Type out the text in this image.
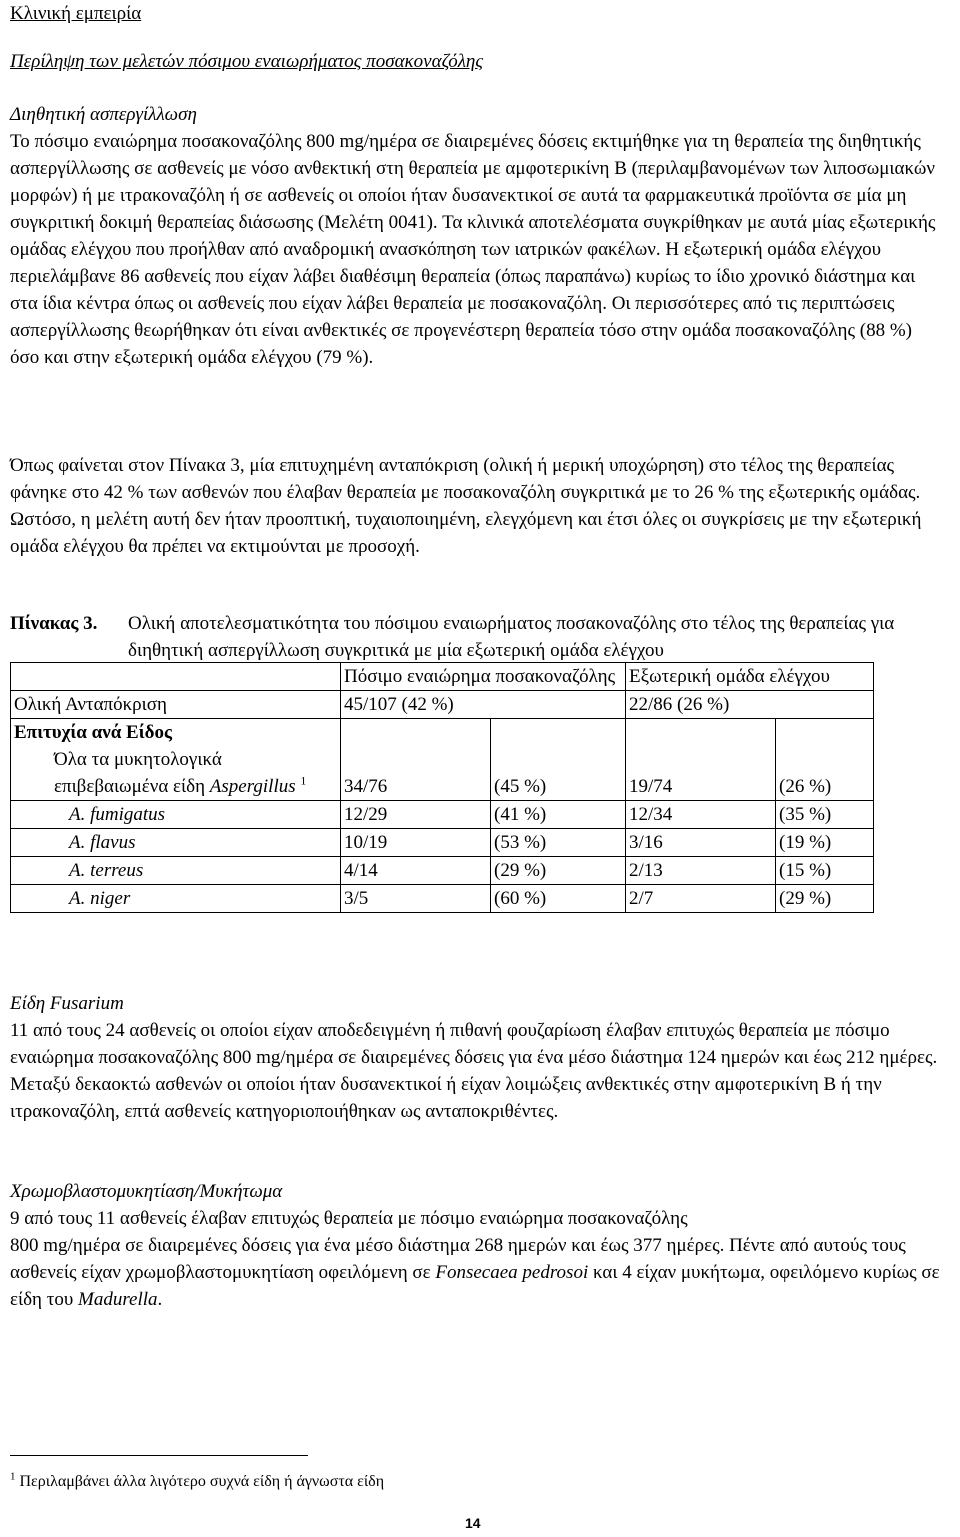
Κλινική εμπειρία
Περίληψη των μελετών πόσιμου εναιωρήματος ποσακοναζόλης
Διηθητική ασπεργίλλωση

Το πόσιμο εναιώρημα ποσακοναζόλης 800 mg/ημέρα σε διαιρεμένες δόσεις εκτιμήθηκε για τη θεραπεία της διηθητικής ασπεργίλλωσης σε ασθενείς με νόσο ανθεκτική στη θεραπεία με αμφοτερικίνη Β (περιλαμβανομένων των λιποσωμιακών μορφών) ή με ιτρακοναζόλη ή σε ασθενείς οι οποίοι ήταν δυσανεκτικοί σε αυτά τα φαρμακευτικά προϊόντα σε μία μη συγκριτική δοκιμή θεραπείας διάσωσης (Μελέτη 0041). Τα κλινικά αποτελέσματα συγκρίθηκαν με αυτά μίας εξωτερικής ομάδας ελέγχου που προήλθαν από αναδρομική ανασκόπηση των ιατρικών φακέλων. Η εξωτερική ομάδα ελέγχου περιελάμβανε 86 ασθενείς που είχαν λάβει διαθέσιμη θεραπεία (όπως παραπάνω) κυρίως το ίδιο χρονικό διάστημα και στα ίδια κέντρα όπως οι ασθενείς που είχαν λάβει θεραπεία με ποσακοναζόλη. Οι περισσότερες από τις περιπτώσεις ασπεργίλλωσης θεωρήθηκαν ότι είναι ανθεκτικές σε προγενέστερη θεραπεία τόσο στην ομάδα ποσακοναζόλης (88 %) όσο και στην εξωτερική ομάδα ελέγχου (79 %).

Όπως φαίνεται στον Πίνακα 3, μία επιτυχημένη ανταπόκριση (ολική ή μερική υποχώρηση) στο τέλος της θεραπείας φάνηκε στο 42 % των ασθενών που έλαβαν θεραπεία με ποσακοναζόλη συγκριτικά με το 26 % της εξωτερικής ομάδας. Ωστόσο, η μελέτη αυτή δεν ήταν προοπτική, τυχαιοποιημένη, ελεγχόμενη και έτσι όλες οι συγκρίσεις με την εξωτερική ομάδα ελέγχου θα πρέπει να εκτιμούνται με προσοχή.

Πίνακας 3. Ολική αποτελεσματικότητα του πόσιμου εναιωρήματος ποσακοναζόλης στο τέλος της θεραπείας για διηθητική ασπεργίλλωση συγκριτικά με μία εξωτερική ομάδα ελέγχου
	Πόσιμο εναιώρημα ποσακοναζόλης		Εξωτερική ομάδα ελέγχου	
Ολική Ανταπόκριση	45/107 (42 %)		22/86 (26 %)	

Επιτυχία ανά Είδος
Όλα τα μυκητολογικά επιβεβαιωμένα είδη Aspergillus $^1$	34/76	(45 %)	19/74	(26 %)
A. fumigatus	12/29	(41 %)	12/34	(35 %)
A. flavus	10/19	(53 %)	3/16	(19 %)
A. terreus	4/14	(29 %)	2/13	(15 %)
A. niger	3/5	(60 %)	2/7	(29 %)
Είδη Fusarium

11 από τους 24 ασθενείς οι οποίοι είχαν αποδεδειγμένη ή πιθανή φουζαρίωση έλαβαν επιτυχώς θεραπεία με πόσιμο εναιώρημα ποσακοναζόλης 800 mg/ημέρα σε διαιρεμένες δόσεις για ένα μέσο διάστημα 124 ημερών και έως 212 ημέρες. Μεταξύ δεκαοκτώ ασθενών οι οποίοι ήταν δυσανεκτικοί ή είχαν λοιμώξεις ανθεκτικές στην αμφοτερικίνη Β ή την ιτρακοναζόλη, επτά ασθενείς κατηγοριοποιήθηκαν ως ανταποκριθέντες.

Χρωμοβλαστομυκητίαση/Μυκήτωμα
9 από τους 11 ασθενείς έλαβαν επιτυχώς θεραπεία με πόσιμο εναιώρημα ποσακοναζόλης

800 mg/ημέρα σε διαιρεμένες δόσεις για ένα μέσο διάστημα 268 ημερών και έως 377 ημέρες. Πέντε από αυτούς τους ασθενείς είχαν χρωμοβλαστομυκητίαση οφειλόμενη σε Fonsecaea pedrosoi και 4 είχαν μυκήτωμα, οφειλόμενο κυρίως σε είδη του Madurella.

$^1$ Περιλαμβάνει άλλα λιγότερο συχνά είδη ή άγνωστα είδη
14
